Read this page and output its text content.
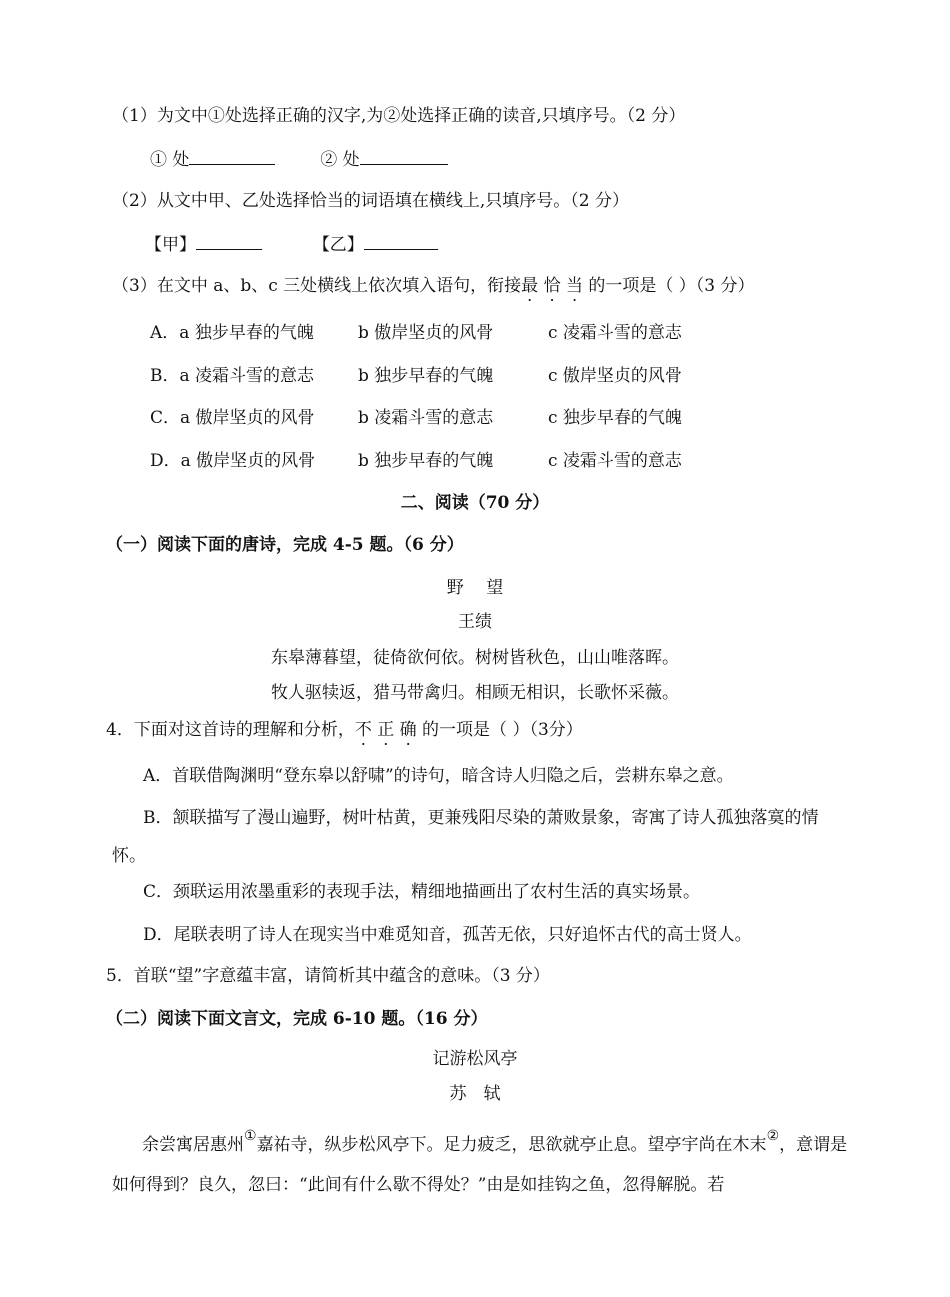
（1）为文中①处选择正确的汉字,为②处选择正确的读音,只填序号。（2 分）
① 处	② 处
（2）从文中甲、乙处选择恰当的词语填在横线上,只填序号。（2 分）
【甲】	【乙】
（3）在文中 a、b、c 三处横线上依次填入语句，衔接最 恰 当 的一项是（ ）（3 分）
A．a 独步早春的气魄	b 傲岸坚贞的风骨	c 凌霜斗雪的意志
B．a 凌霜斗雪的意志	b 独步早春的气魄	c 傲岸坚贞的风骨
C．a 傲岸坚贞的风骨	b 凌霜斗雪的意志	c 独步早春的气魄
D．a 傲岸坚贞的风骨	b 独步早春的气魄	c 凌霜斗雪的意志
二、阅读（70 分）
（一）阅读下面的唐诗，完成 4-5 题。（6 分）
野　 望
王绩
东皋薄暮望，徒倚欲何依。树树皆秋色，山山唯落晖。
牧人驱犊返，猎马带禽归。相顾无相识，长歌怀采薇。
4．下面对这首诗的理解和分析，不 正 确 的一项是（ ）（3分）
A．首联借陶渊明“登东皋以舒啸”的诗句，暗含诗人归隐之后，尝耕东皋之意。
B．颔联描写了漫山遍野，树叶枯黄，更兼残阳尽染的萧败景象，寄寓了诗人孤独落寞的情怀。
C．颈联运用浓墨重彩的表现手法，精细地描画出了农村生活的真实场景。
D．尾联表明了诗人在现实当中难觅知音，孤苦无依，只好追怀古代的高士贤人。
5．首联“望”字意蕴丰富，请简析其中蕴含的意味。（3 分）
（二）阅读下面文言文，完成 6-10 题。（16 分）
记游松风亭
苏　轼
余尝寓居惠州①嘉祐寺，纵步松风亭下。足力疲乏，思欲就亭止息。望亭宇尚在木末②，意谓是如何得到？良久，忽曰：“此间有什么歇不得处？”由是如挂钩之鱼，忽得解脱。若
